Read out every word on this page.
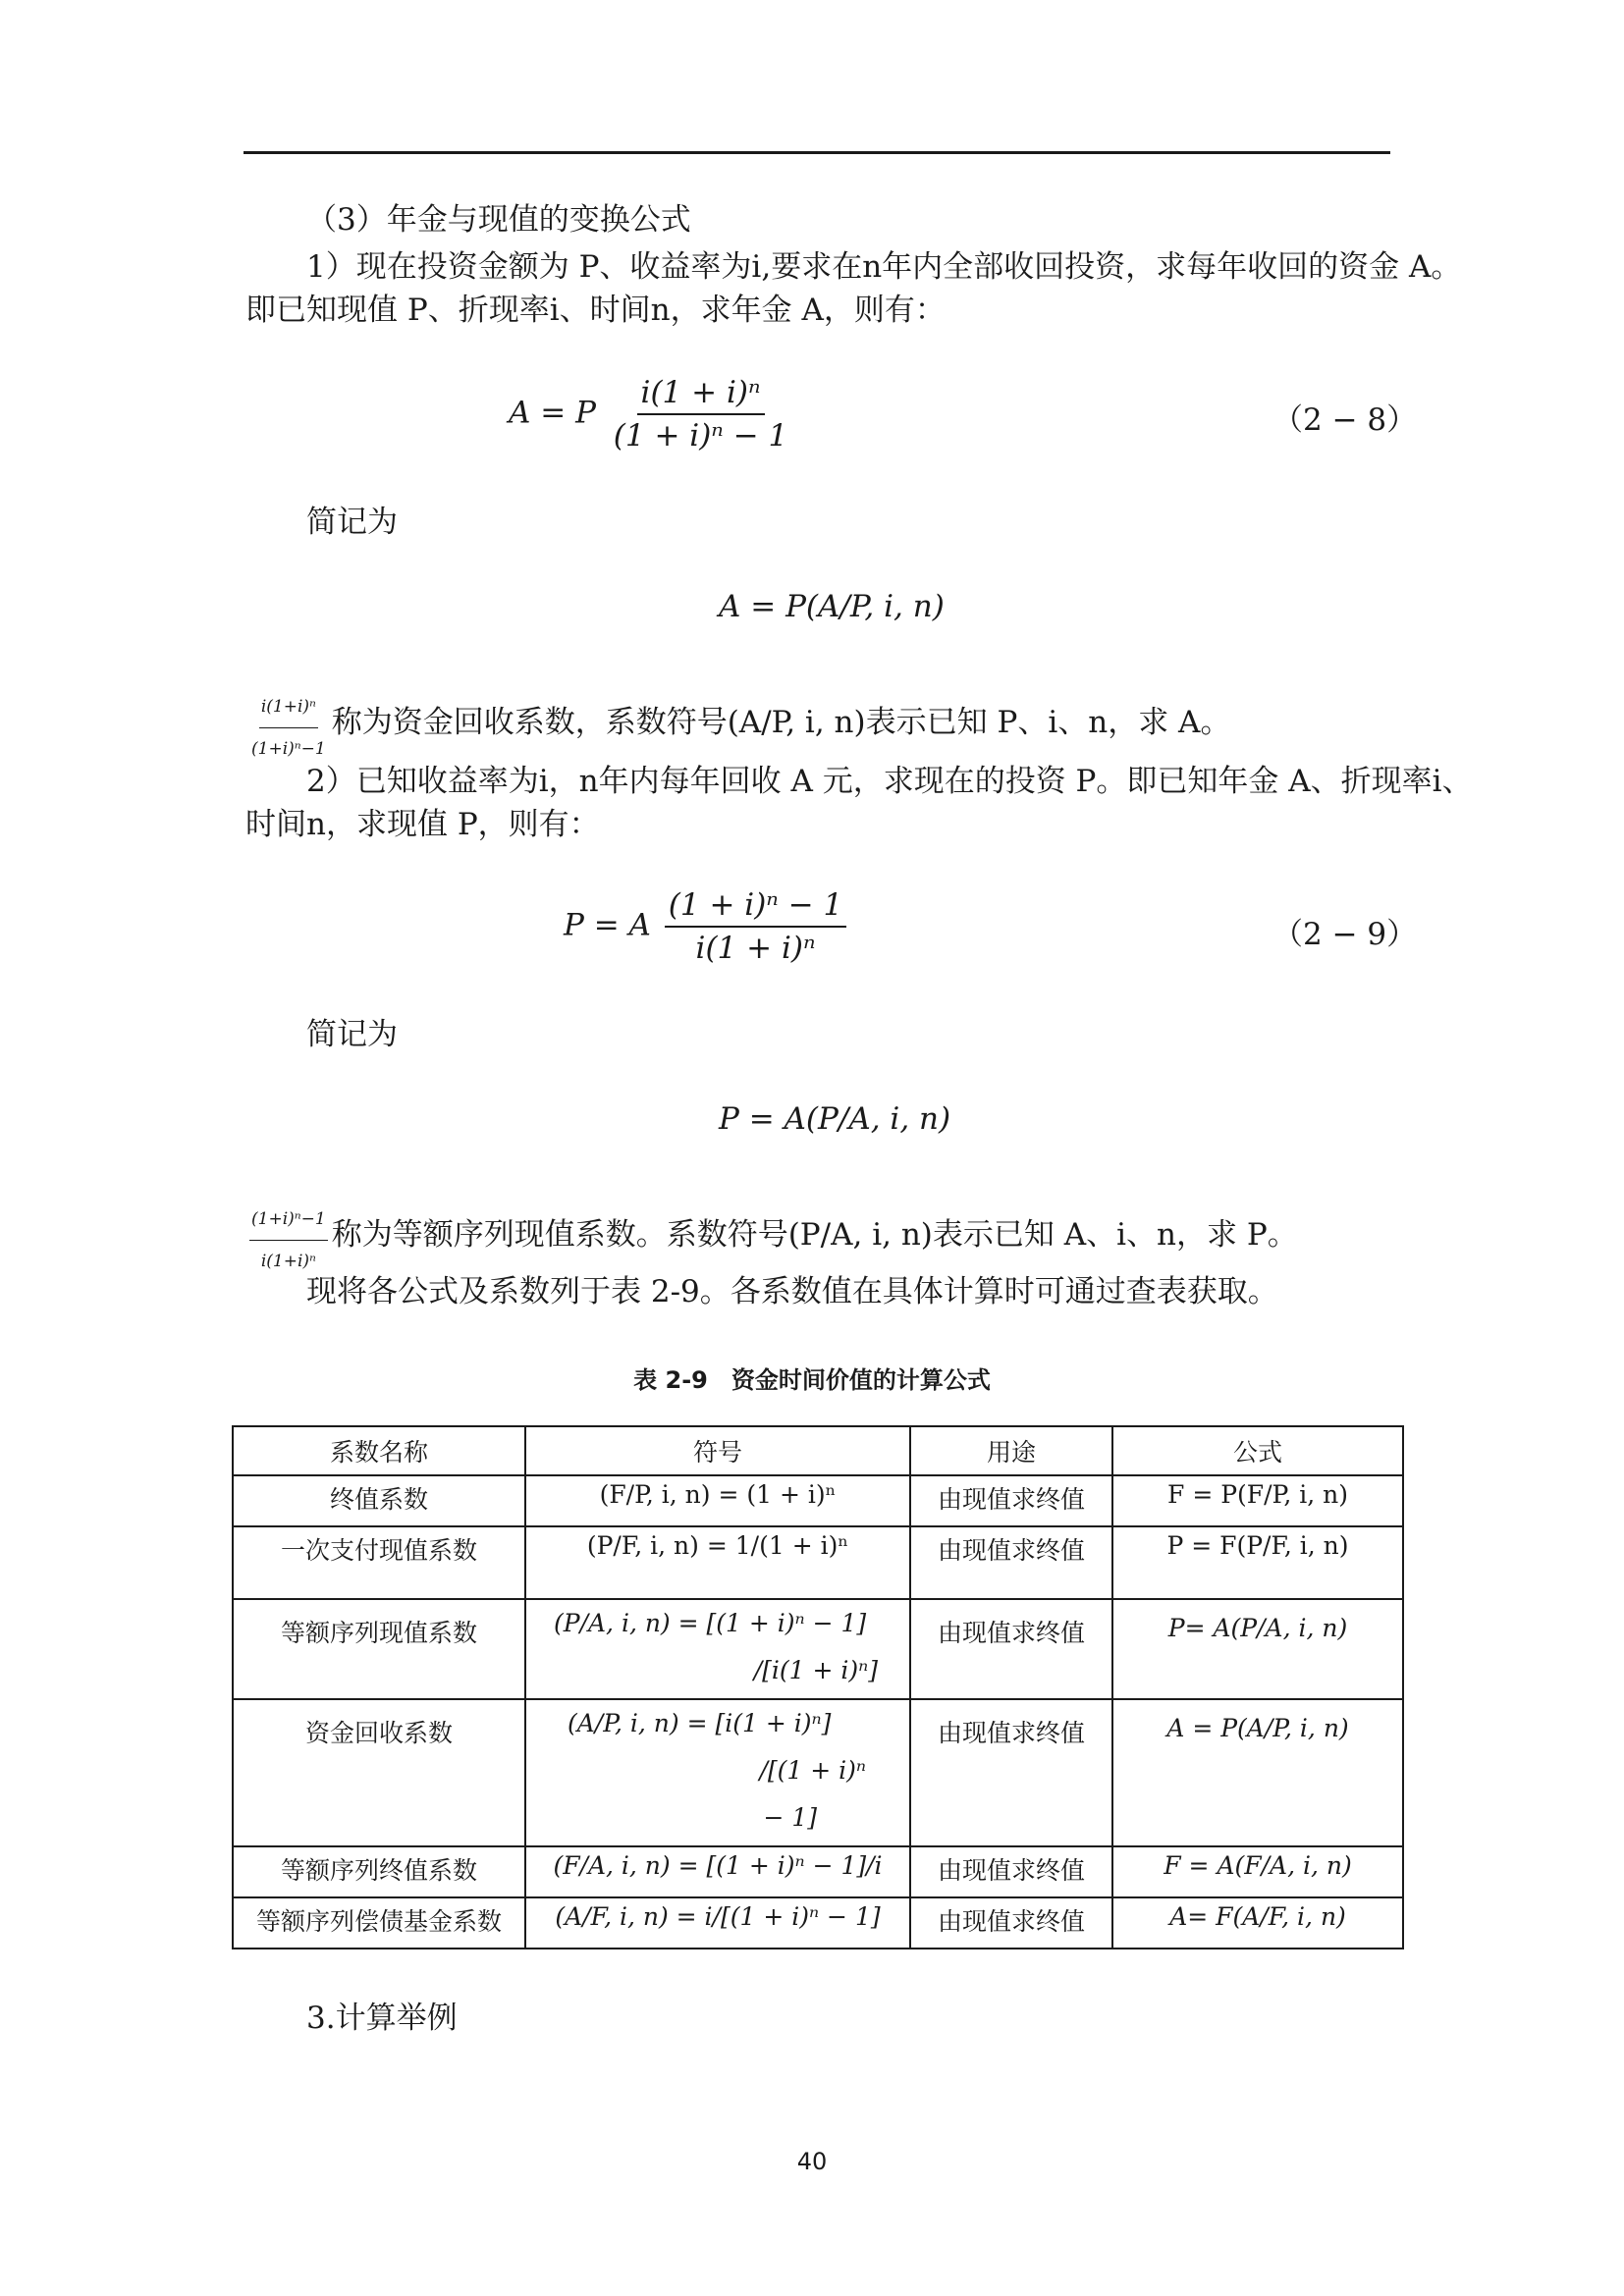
（3）年金与现值的变换公式
1）现在投资金额为 P、收益率为i,要求在n年内全部收回投资，求每年收回的资金 A。
即已知现值 P、折现率i、时间n，求年金 A，则有：
A = P $\frac{\text{i(1 + i)ⁿ}}{\text{(1 + i)ⁿ − 1}}$	（2 − 8）
简记为
A = P(A/P, i, n)
$\frac{\text{i(1+i)ⁿ}}{\text{(1+i)ⁿ−1}}$ 称为资金回收系数，系数符号(A/P, i, n)表示已知 P、i、n，求 A。
2）已知收益率为i，n年内每年回收 A 元，求现在的投资 P。即已知年金 A、折现率i、
时间n，求现值 P，则有：
P = A $\frac{\text{(1 + i)ⁿ − 1}}{\text{i(1 + i)ⁿ}}$	（2 − 9）
简记为
P = A(P/A, i, n)
$\frac{\text{(1+i)ⁿ−1}}{\text{i(1+i)ⁿ}}$ 称为等额序列现值系数。系数符号(P/A, i, n)表示已知 A、i、n，求 P。
现将各公式及系数列于表 2-9。各系数值在具体计算时可通过查表获取。
表 2-9　资金时间价值的计算公式
系数名称	符号	用途	公式
终值系数	(F/P, i, n) = (1 + i)ⁿ	由现值求终值	F = P(F/P, i, n)
一次支付现值系数	(P/F, i, n) = 1/(1 + i)ⁿ	由现值求终值	P = F(P/F, i, n)
等额序列现值系数	(P/A, i, n) = [(1 + i)ⁿ − 1]
/[i(1 + i)ⁿ]	由现值求终值	P= A(P/A, i, n)
资金回收系数	(A/P, i, n) = [i(1 + i)ⁿ]
/[(1 + i)ⁿ
− 1]	由现值求终值	A = P(A/P, i, n)
等额序列终值系数	(F/A, i, n) = [(1 + i)ⁿ − 1]/i	由现值求终值	F = A(F/A, i, n)
等额序列偿债基金系数	(A/F, i, n) = i/[(1 + i)ⁿ − 1]	由现值求终值	A= F(A/F, i, n)
3.计算举例
40
